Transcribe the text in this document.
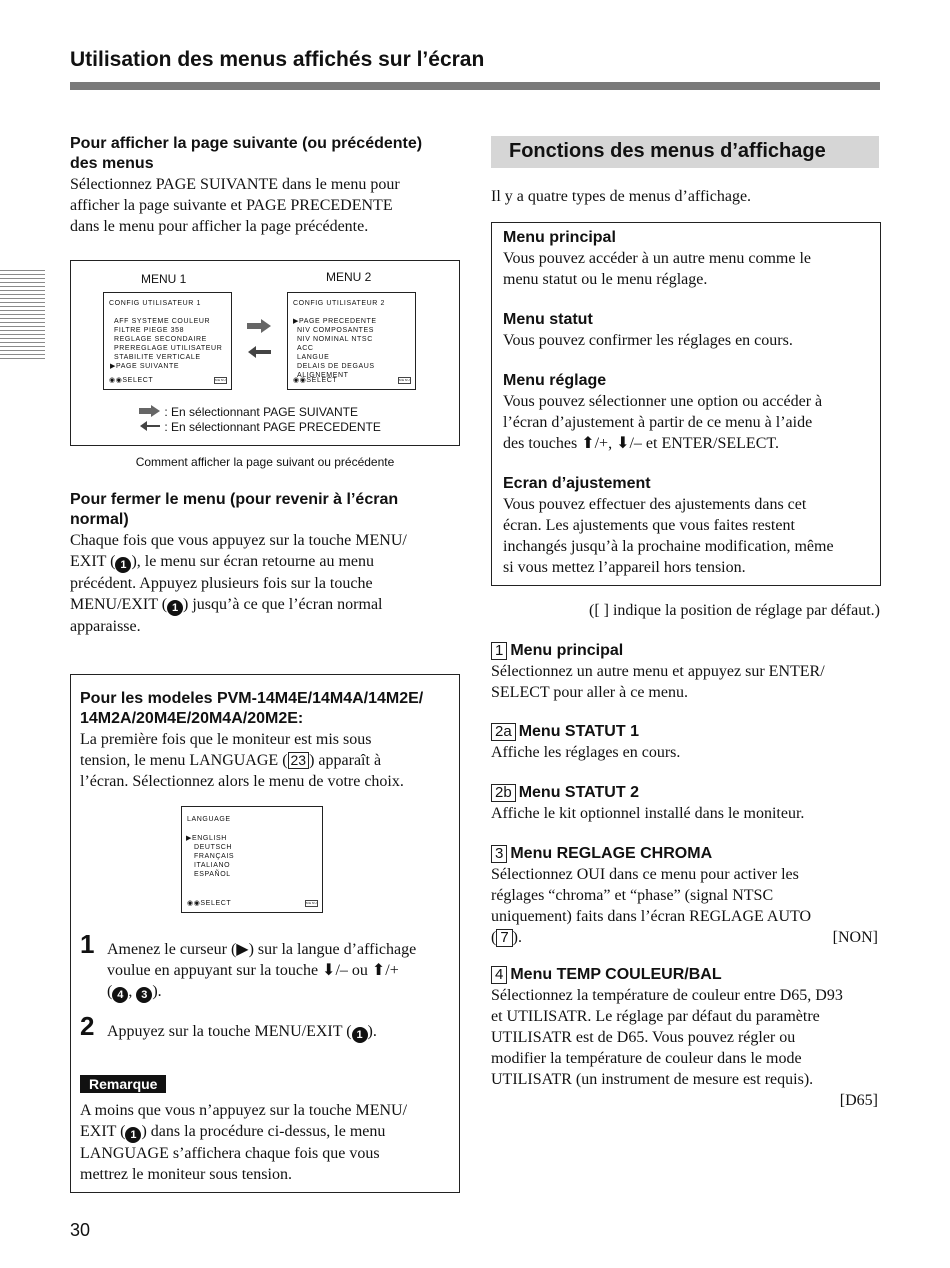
Utilisation des menus affichés sur l’écran
Pour afficher la page suivante (ou précédente)
des menus
Sélectionnez PAGE SUIVANTE dans le menu pour
afficher la page suivante et PAGE PRECEDENTE
dans le menu pour afficher la page précédente.
MENU 1	MENU 2
CONFIG UTILISATEUR 1
AFF SYSTEME COULEUR
FILTRE PIEGE 358
REGLAGE SECONDAIRE
PREREGLAGE UTILISATEUR
STABILITE VERTICALE
▶PAGE SUIVANTE
◉◉SELECT	MENU
CONFIG UTILISATEUR 2
▶PAGE PRECEDENTE
NIV COMPOSANTES
NIV NOMINAL NTSC
ACC
LANGUE
DELAIS DE DEGAUS
ALIGNEMENT
◉◉SELECT	MENU
: En sélectionnant PAGE SUIVANTE
: En sélectionnant PAGE PRECEDENTE
Comment afficher la page suivant ou précédente
Pour fermer le menu (pour revenir à l’écran
normal)
Chaque fois que vous appuyez sur la touche MENU/
EXIT ( 1 ), le menu sur écran retourne au menu
précédent. Appuyez plusieurs fois sur la touche
MENU/EXIT ( 1 ) jusqu’à ce que l’écran normal
apparaisse.
Pour les modeles PVM-14M4E/14M4A/14M2E/
14M2A/20M4E/20M4A/20M2E:
La première fois que le moniteur est mis sous
tension, le menu LANGUAGE ( 23 ) apparaît à
l’écran. Sélectionnez alors le menu de votre choix.
LANGUAGE
▶ENGLISH
DEUTSCH
FRANÇAIS
ITALIANO
ESPAÑOL
◉◉SELECT	MENU
1 Amenez le curseur (▶) sur la langue d’affichage
voulue en appuyant sur la touche ⬇/– ou ⬆/+
( 4 , 3 ).
2 Appuyez sur la touche MENU/EXIT ( 1 ).
A moins que vous n’appuyez sur la touche MENU/
EXIT ( 1 ) dans la procédure ci-dessus, le menu
LANGUAGE s’affichera chaque fois que vous
mettrez le moniteur sous tension.
Remarque
Fonctions des menus d’affichage
Il y a quatre types de menus d’affichage.
Menu principal
Vous pouvez accéder à un autre menu comme le
menu statut ou le menu réglage.
Menu statut
Vous pouvez confirmer les réglages en cours.
Menu réglage
Vous pouvez sélectionner une option ou accéder à
l’écran d’ajustement à partir de ce menu à l’aide
des touches ⬆/+, ⬇/– et ENTER/SELECT.
Ecran d’ajustement
Vous pouvez effectuer des ajustements dans cet
écran. Les ajustements que vous faites restent
inchangés jusqu’à la prochaine modification, même
si vous mettez l’appareil hors tension.
([ ] indique la position de réglage par défaut.)
1 Menu principal
Sélectionnez un autre menu et appuyez sur ENTER/
SELECT pour aller à ce menu.
2a Menu STATUT 1
Affiche les réglages en cours.
2b Menu STATUT 2
Affiche le kit optionnel installé dans le moniteur.
3 Menu REGLAGE CHROMA
Sélectionnez OUI dans ce menu pour activer les
réglages “chroma” et “phase” (signal NTSC
uniquement) faits dans l’écran REGLAGE AUTO
( 7 ).	[NON]
4 Menu TEMP COULEUR/BAL
Sélectionnez la température de couleur entre D65, D93
et UTILISATR. Le réglage par défaut du paramètre
UTILISATR est de D65. Vous pouvez régler ou
modifier la température de couleur dans le mode
UTILISATR (un instrument de mesure est requis).
[D65]
30
